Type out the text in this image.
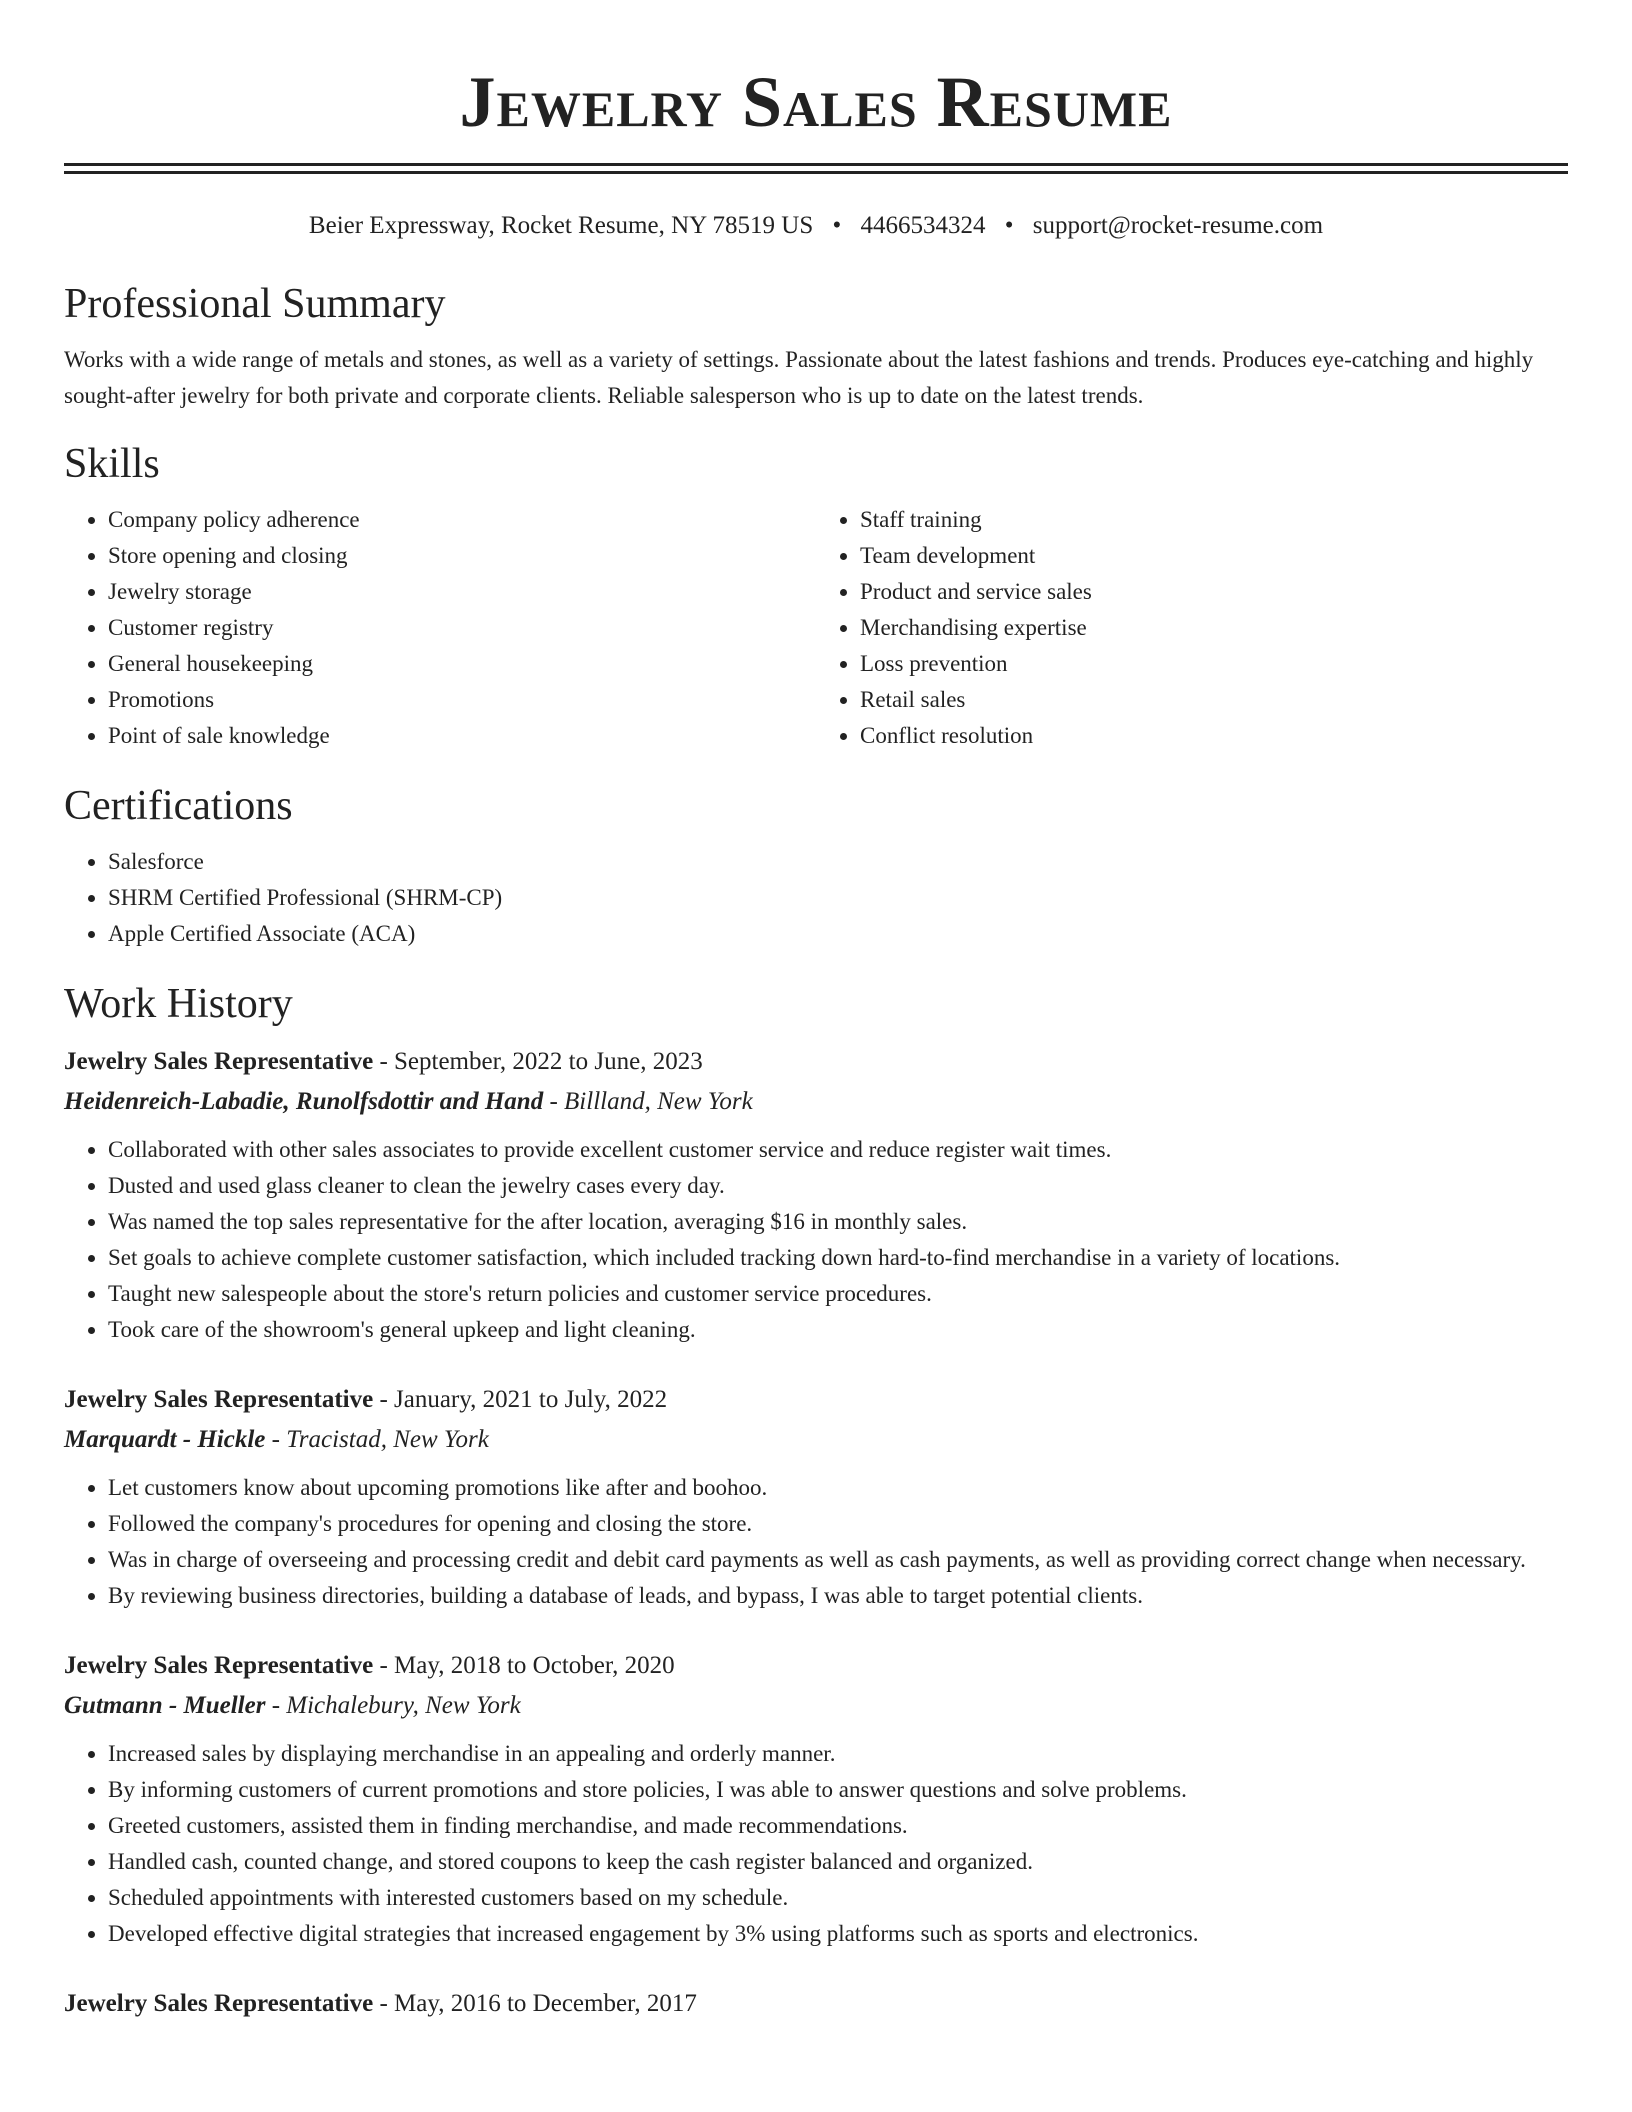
Jewelry Sales Resume
Beier Expressway, Rocket Resume, NY 78519 US • 4466534324 • support@rocket-resume.com
Professional Summary
Works with a wide range of metals and stones, as well as a variety of settings. Passionate about the latest fashions and trends. Produces eye-catching and highly sought-after jewelry for both private and corporate clients. Reliable salesperson who is up to date on the latest trends.
Skills
• Company policy adherence
• Store opening and closing
• Jewelry storage
• Customer registry
• General housekeeping
• Promotions
• Point of sale knowledge
• Staff training
• Team development
• Product and service sales
• Merchandising expertise
• Loss prevention
• Retail sales
• Conflict resolution
Certifications
• Salesforce
• SHRM Certified Professional (SHRM-CP)
• Apple Certified Associate (ACA)
Work History
Jewelry Sales Representative - September, 2022 to June, 2023
Heidenreich-Labadie, Runolfsdottir and Hand - Billland, New York
• Collaborated with other sales associates to provide excellent customer service and reduce register wait times.
• Dusted and used glass cleaner to clean the jewelry cases every day.
• Was named the top sales representative for the after location, averaging $16 in monthly sales.
• Set goals to achieve complete customer satisfaction, which included tracking down hard-to-find merchandise in a variety of locations.
• Taught new salespeople about the store's return policies and customer service procedures.
• Took care of the showroom's general upkeep and light cleaning.
Jewelry Sales Representative - January, 2021 to July, 2022
Marquardt - Hickle - Tracistad, New York
• Let customers know about upcoming promotions like after and boohoo.
• Followed the company's procedures for opening and closing the store.
• Was in charge of overseeing and processing credit and debit card payments as well as cash payments, as well as providing correct change when necessary.
• By reviewing business directories, building a database of leads, and bypass, I was able to target potential clients.
Jewelry Sales Representative - May, 2018 to October, 2020
Gutmann - Mueller - Michalebury, New York
• Increased sales by displaying merchandise in an appealing and orderly manner.
• By informing customers of current promotions and store policies, I was able to answer questions and solve problems.
• Greeted customers, assisted them in finding merchandise, and made recommendations.
• Handled cash, counted change, and stored coupons to keep the cash register balanced and organized.
• Scheduled appointments with interested customers based on my schedule.
• Developed effective digital strategies that increased engagement by 3% using platforms such as sports and electronics.
Jewelry Sales Representative - May, 2016 to December, 2017
